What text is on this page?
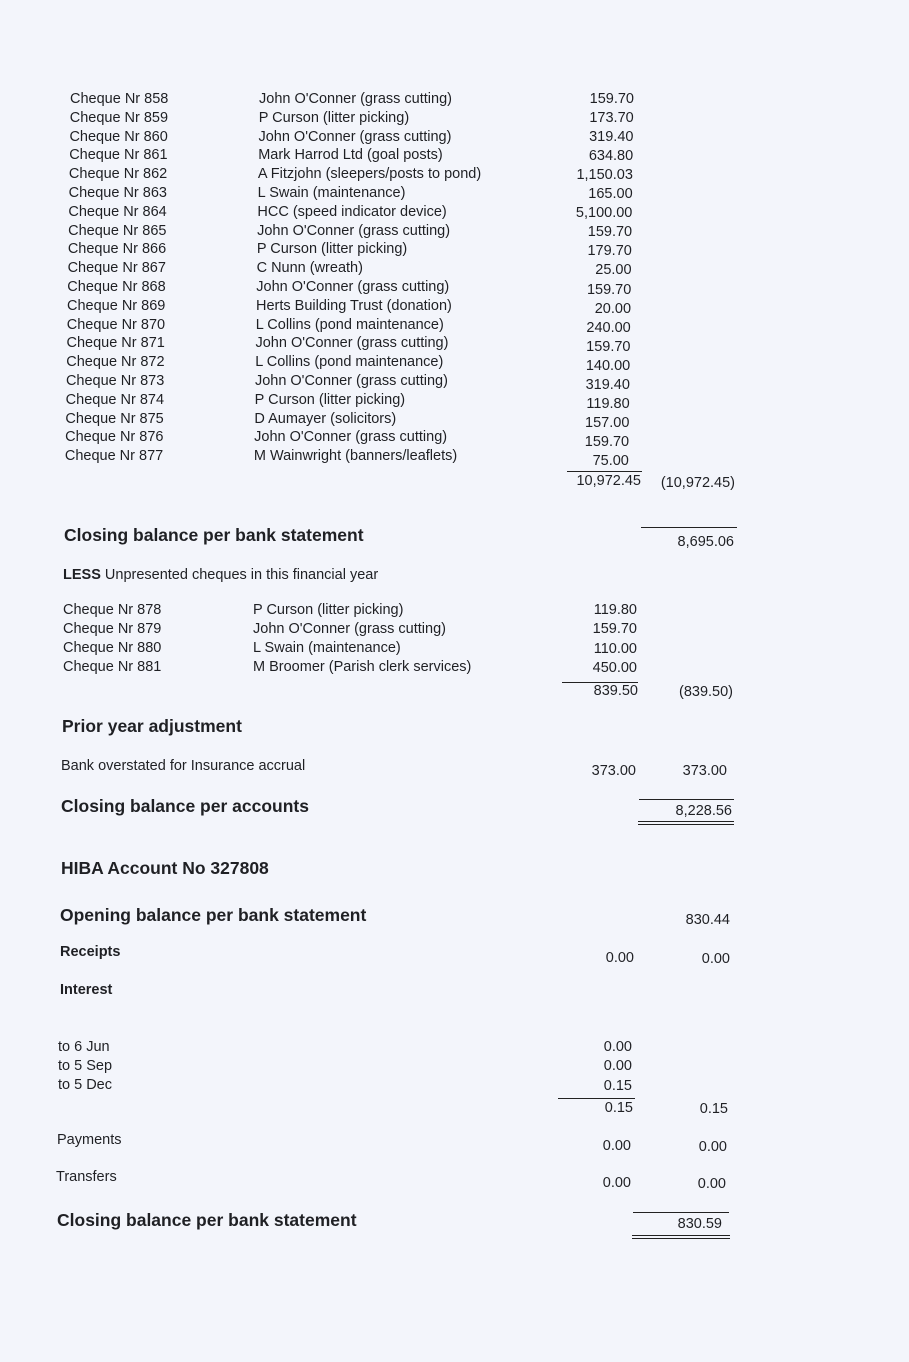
Cheque Nr 858	John O'Conner (grass cutting)	159.70
Cheque Nr 859	P Curson (litter picking)	173.70
Cheque Nr 860	John O'Conner (grass cutting)	319.40
Cheque Nr 861	Mark Harrod Ltd (goal posts)	634.80
Cheque Nr 862	A Fitzjohn (sleepers/posts to pond)	1,150.03
Cheque Nr 863	L Swain (maintenance)	165.00
Cheque Nr 864	HCC (speed indicator device)	5,100.00
Cheque Nr 865	John O'Conner (grass cutting)	159.70
Cheque Nr 866	P Curson (litter picking)	179.70
Cheque Nr 867	C Nunn (wreath)	25.00
Cheque Nr 868	John O'Conner (grass cutting)	159.70
Cheque Nr 869	Herts Building Trust (donation)	20.00
Cheque Nr 870	L Collins (pond maintenance)	240.00
Cheque Nr 871	John O'Conner (grass cutting)	159.70
Cheque Nr 872	L Collins (pond maintenance)	140.00
Cheque Nr 873	John O'Conner (grass cutting)	319.40
Cheque Nr 874	P Curson (litter picking)	119.80
Cheque Nr 875	D Aumayer (solicitors)	157.00
Cheque Nr 876	John O'Conner (grass cutting)	159.70
Cheque Nr 877	M Wainwright (banners/leaflets)	75.00
10,972.45	(10,972.45)
Closing balance per bank statement	8,695.06
LESS Unpresented cheques in this financial year
Cheque Nr 878	P Curson (litter picking)	119.80
Cheque Nr 879	John O'Conner (grass cutting)	159.70
Cheque Nr 880	L Swain (maintenance)	110.00
Cheque Nr 881	M Broomer (Parish clerk services)	450.00
839.50	(839.50)
Prior year adjustment
Bank overstated for Insurance accrual	373.00	373.00
Closing balance per accounts	8,228.56
HIBA Account No 327808
Opening balance per bank statement	830.44
Receipts	0.00	0.00
Interest
to 6 Jun	0.00
to 5 Sep	0.00
to 5 Dec	0.15
0.15	0.15
Payments	0.00	0.00
Transfers	0.00	0.00
Closing balance per bank statement	830.59
